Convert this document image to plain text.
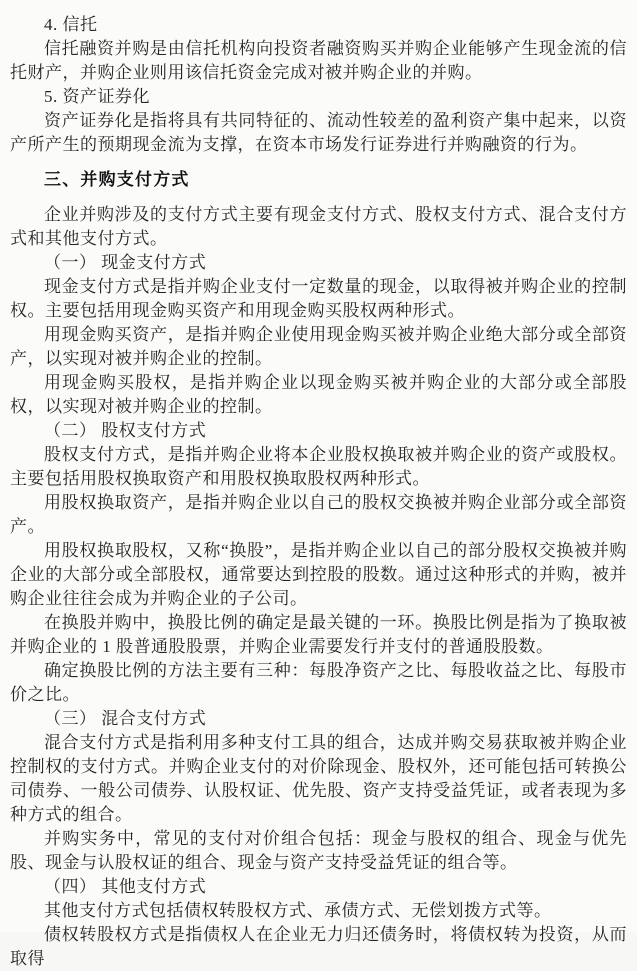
4. 信托

信托融资并购是由信托机构向投资者融资购买并购企业能够产生现金流的信托财产，并购企业则用该信托资金完成对被并购企业的并购。

5. 资产证券化

资产证券化是指将具有共同特征的、流动性较差的盈利资产集中起来，以资产所产生的预期现金流为支撑，在资本市场发行证券进行并购融资的行为。

三、并购支付方式

企业并购涉及的支付方式主要有现金支付方式、股权支付方式、混合支付方式和其他支付方式。

（一） 现金支付方式

现金支付方式是指并购企业支付一定数量的现金，以取得被并购企业的控制权。主要包括用现金购买资产和用现金购买股权两种形式。

用现金购买资产，是指并购企业使用现金购买被并购企业绝大部分或全部资产，以实现对被并购企业的控制。

用现金购买股权，是指并购企业以现金购买被并购企业的大部分或全部股权，以实现对被并购企业的控制。

（二） 股权支付方式

股权支付方式，是指并购企业将本企业股权换取被并购企业的资产或股权。主要包括用股权换取资产和用股权换取股权两种形式。

用股权换取资产，是指并购企业以自己的股权交换被并购企业部分或全部资产。

用股权换取股权，又称“换股”，是指并购企业以自己的部分股权交换被并购企业的大部分或全部股权，通常要达到控股的股数。通过这种形式的并购，被并购企业往往会成为并购企业的子公司。

在换股并购中，换股比例的确定是最关键的一环。换股比例是指为了换取被并购企业的 1 股普通股股票，并购企业需要发行并支付的普通股股数。

确定换股比例的方法主要有三种：每股净资产之比、每股收益之比、每股市价之比。

（三） 混合支付方式

混合支付方式是指利用多种支付工具的组合，达成并购交易获取被并购企业控制权的支付方式。并购企业支付的对价除现金、股权外，还可能包括可转换公司债券、一般公司债券、认股权证、优先股、资产支持受益凭证，或者表现为多种方式的组合。

并购实务中，常见的支付对价组合包括：现金与股权的组合、现金与优先股、现金与认股权证的组合、现金与资产支持受益凭证的组合等。

（四） 其他支付方式

其他支付方式包括债权转股权方式、承债方式、无偿划拨方式等。

债权转股权方式是指债权人在企业无力归还债务时，将债权转为投资，从而取得
